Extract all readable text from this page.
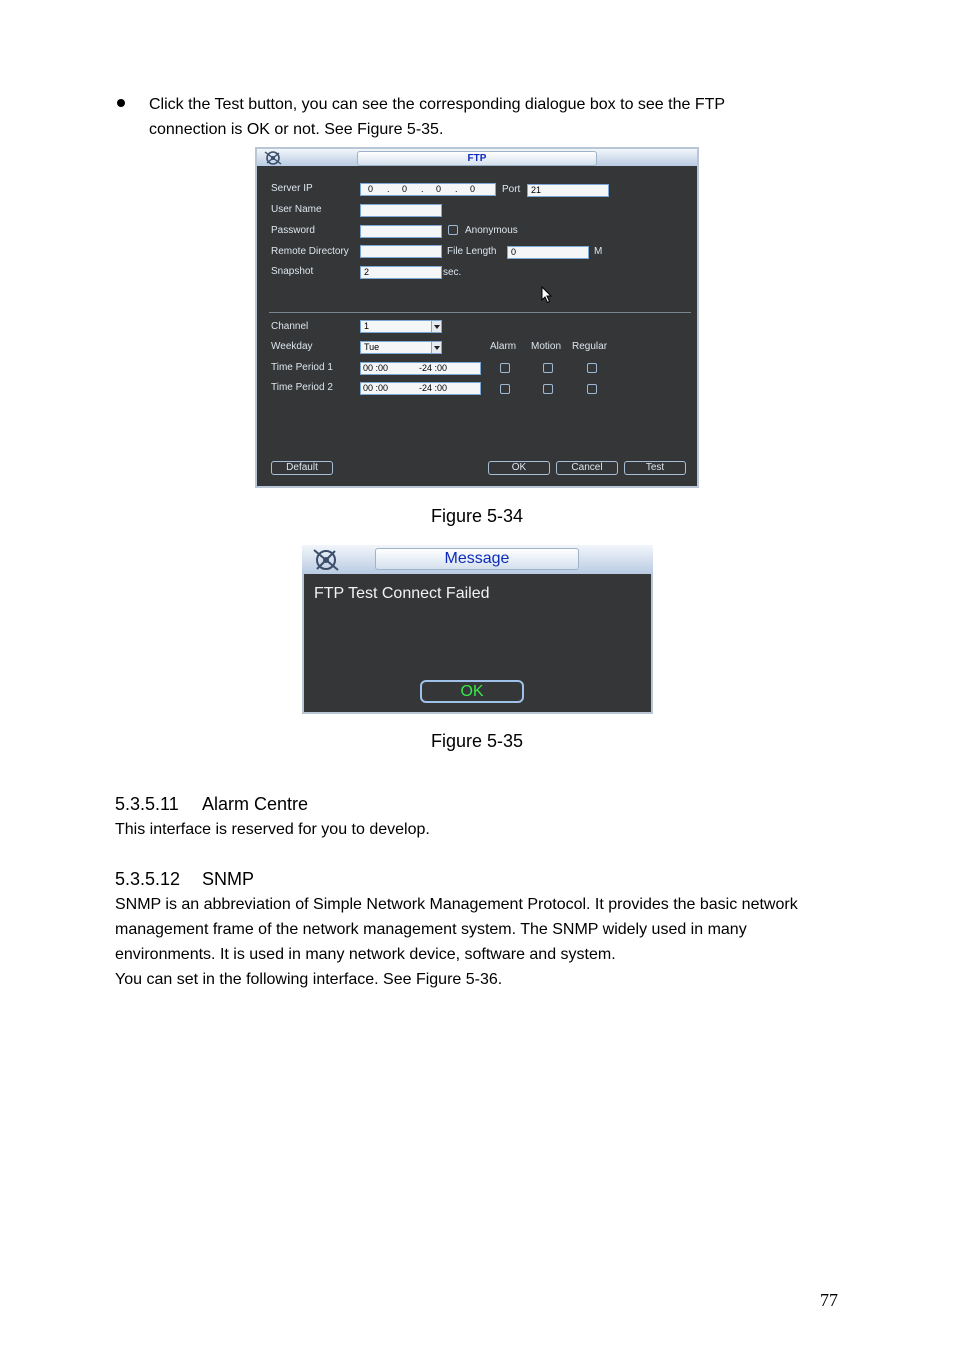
Click the Test button, you can see the corresponding dialogue box to see the FTP
connection is OK or not. See Figure 5-35.
FTP
Server IP	0 . 0 . 0 . 0	Port	21
User Name
Password	Anonymous
Remote Directory	File Length	0	M
Snapshot	2	sec.
Channel	1
Weekday	Tue	Alarm Motion Regular
Time Period 1	00 :00	-24 :00
Time Period 2	00 :00	-24 :00
Default	OK	Cancel	Test
Figure 5-34
Message
FTP Test Connect Failed
OK
Figure 5-35
5.3.5.11 Alarm Centre
This interface is reserved for you to develop.
5.3.5.12 SNMP
SNMP is an abbreviation of Simple Network Management Protocol. It provides the basic network
management frame of the network management system. The SNMP widely used in many
environments. It is used in many network device, software and system.
You can set in the following interface. See Figure 5-36.
77
